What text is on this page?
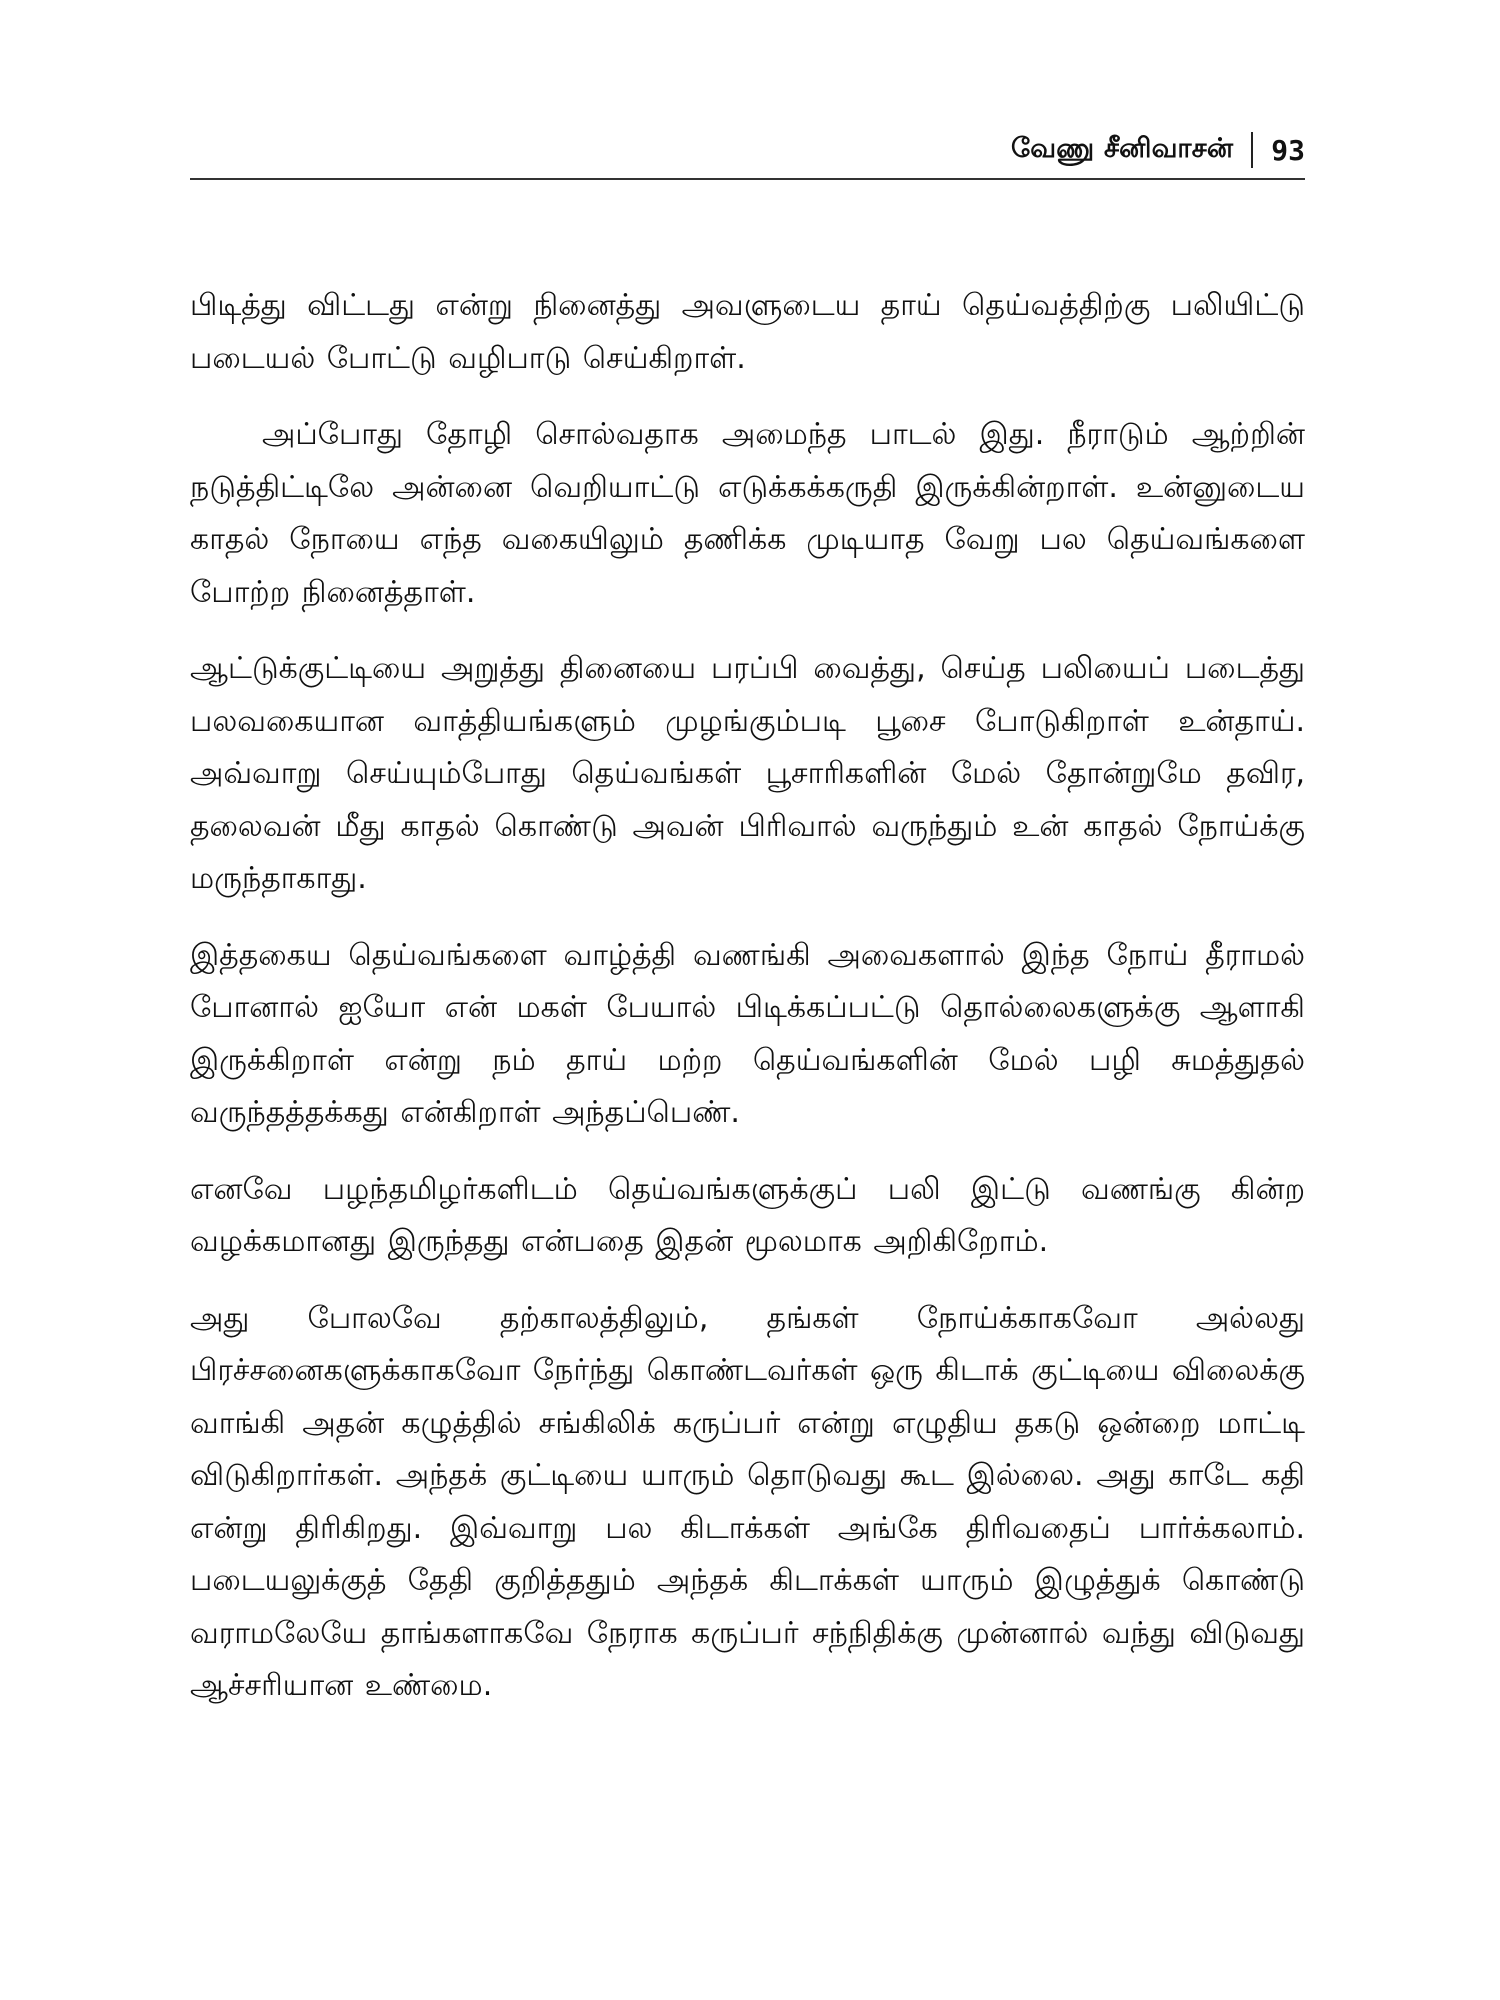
வேணு சீனிவாசன்	93

பிடித்து விட்டது என்று நினைத்து அவளுடைய தாய் தெய்வத்திற்கு பலியிட்டு படையல் போட்டு வழிபாடு செய்கிறாள்.

அப்போது தோழி சொல்வதாக அமைந்த பாடல் இது. நீராடும் ஆற்றின் நடுத்திட்டிலே அன்னை வெறியாட்டு எடுக்கக்கருதி இருக்கின்றாள். உன்னுடைய காதல் நோயை எந்த வகையிலும் தணிக்க முடியாத வேறு பல தெய்வங்களை போற்ற நினைத்தாள்.

ஆட்டுக்குட்டியை அறுத்து தினையை பரப்பி வைத்து, செய்த பலியைப் படைத்து பலவகையான வாத்தியங்களும் முழங்கும்படி பூசை போடுகிறாள் உன்தாய். அவ்வாறு செய்யும்போது தெய்வங்கள் பூசாரிகளின் மேல் தோன்றுமே தவிர, தலைவன் மீது காதல் கொண்டு அவன் பிரிவால் வருந்தும் உன் காதல் நோய்க்கு மருந்தாகாது.

இத்தகைய தெய்வங்களை வாழ்த்தி வணங்கி அவைகளால் இந்த நோய் தீராமல் போனால் ஐயோ என் மகள் பேயால் பிடிக்கப்பட்டு தொல்லைகளுக்கு ஆளாகி இருக்கிறாள் என்று நம் தாய் மற்ற தெய்வங்களின் மேல் பழி சுமத்துதல் வருந்தத்தக்கது என்கிறாள் அந்தப்பெண்.

எனவே பழந்தமிழர்களிடம் தெய்வங்களுக்குப் பலி இட்டு வணங்கு கின்ற வழக்கமானது இருந்தது என்பதை இதன் மூலமாக அறிகிறோம்.

அது போலவே தற்காலத்திலும், தங்கள் நோய்க்காகவோ அல்லது பிரச்சனைகளுக்காகவோ நேர்ந்து கொண்டவர்கள் ஒரு கிடாக் குட்டியை விலைக்கு வாங்கி அதன் கழுத்தில் சங்கிலிக் கருப்பர் என்று எழுதிய தகடு ஒன்றை மாட்டி விடுகிறார்கள். அந்தக் குட்டியை யாரும் தொடுவது கூட இல்லை. அது காடே கதி என்று திரிகிறது. இவ்வாறு பல கிடாக்கள் அங்கே திரிவதைப் பார்க்கலாம். படையலுக்குத் தேதி குறித்ததும் அந்தக் கிடாக்கள் யாரும் இழுத்துக் கொண்டு வராமலேயே தாங்களாகவே நேராக கருப்பர் சந்நிதிக்கு முன்னால் வந்து விடுவது ஆச்சரியான உண்மை.
